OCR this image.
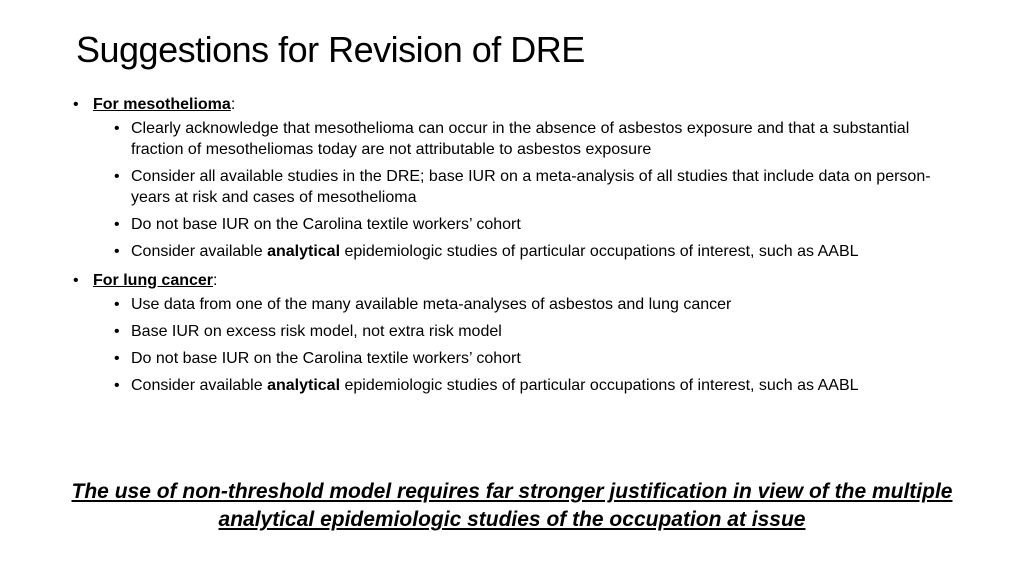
Suggestions for Revision of DRE
• For mesothelioma:
• Clearly acknowledge that mesothelioma can occur in the absence of asbestos exposure and that a substantial fraction of mesotheliomas today are not attributable to asbestos exposure
• Consider all available studies in the DRE; base IUR on a meta-analysis of all studies that include data on person-years at risk and cases of mesothelioma
• Do not base IUR on the Carolina textile workers’ cohort
• Consider available analytical epidemiologic studies of particular occupations of interest, such as AABL
• For lung cancer:
• Use data from one of the many available meta-analyses of asbestos and lung cancer
• Base IUR on excess risk model, not extra risk model
• Do not base IUR on the Carolina textile workers’ cohort
• Consider available analytical epidemiologic studies of particular occupations of interest, such as AABL
The use of non-threshold model requires far stronger justification in view of the multiple analytical epidemiologic studies of the occupation at issue
